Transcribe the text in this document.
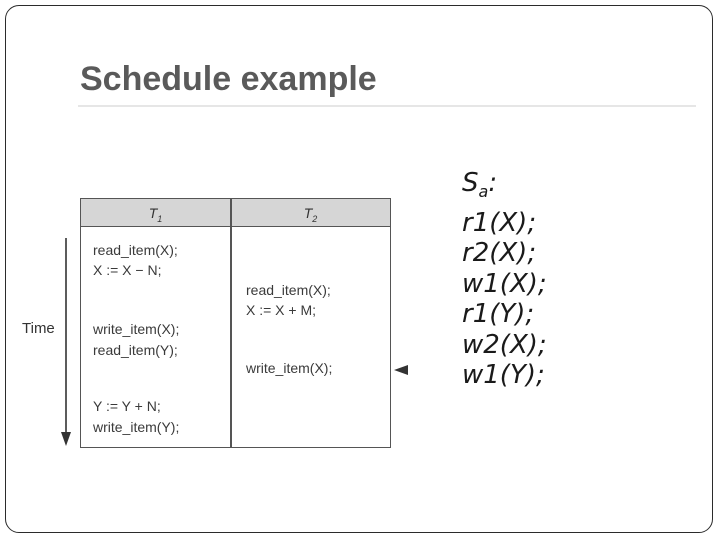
Schedule example
Time
$T_1$	$T_2$
read_item(X);
X := X − N;
write_item(X);
read_item(Y);
Y := Y + N;
write_item(Y);
read_item(X);
X := X + M;
write_item(X);
$S_a$:
r1(X);
r2(X);
w1(X);
r1(Y);
w2(X);
w1(Y);
